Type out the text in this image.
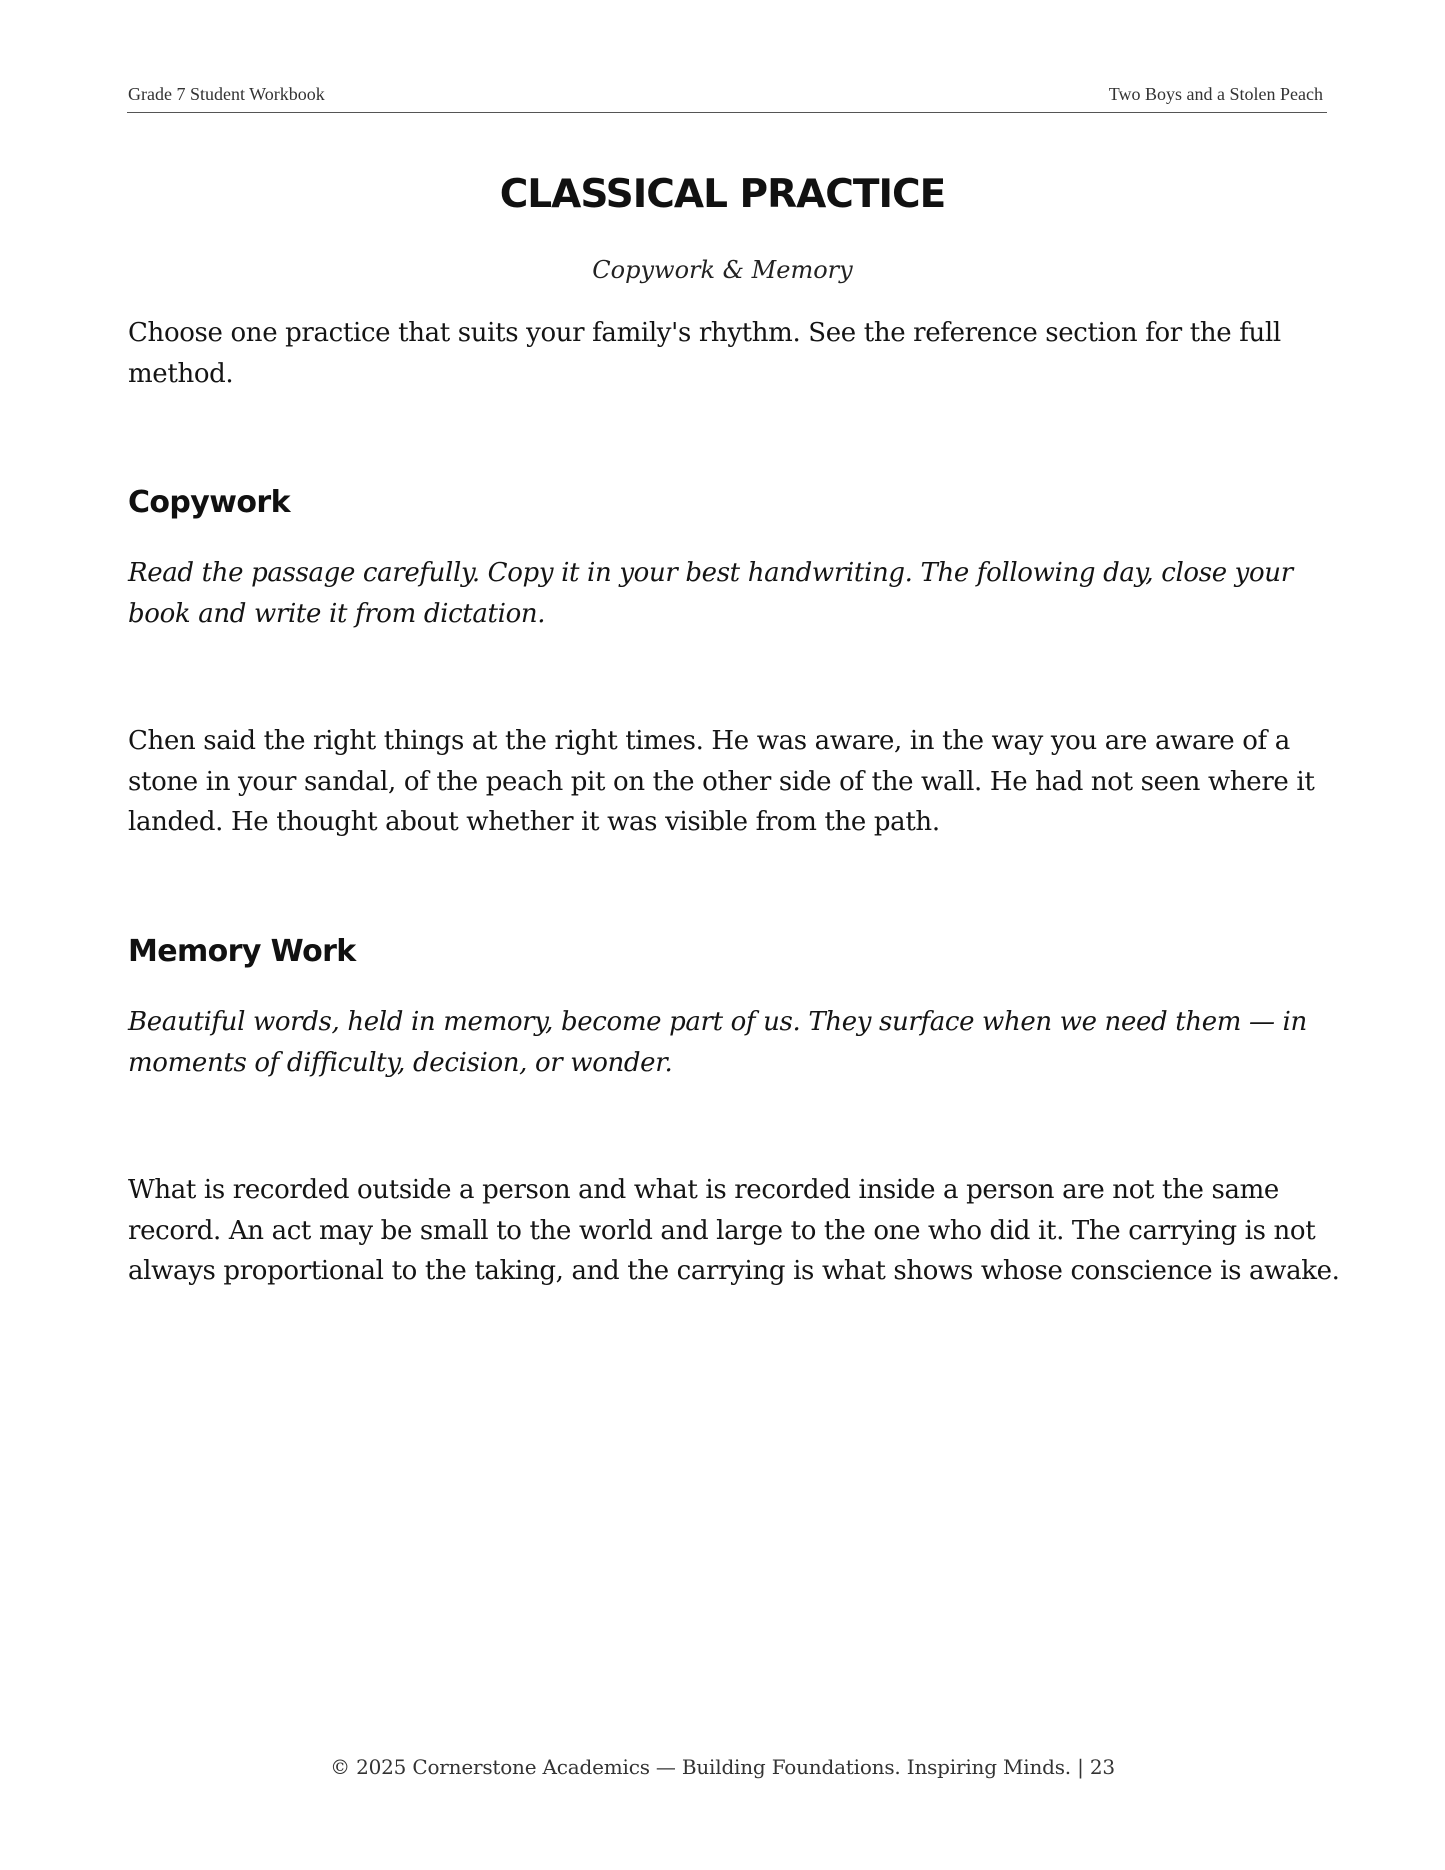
Grade 7 Student Workbook	Two Boys and a Stolen Peach
CLASSICAL PRACTICE

Copywork & Memory

Choose one practice that suits your family's rhythm. See the reference section for the full method.

Copywork

Read the passage carefully. Copy it in your best handwriting. The following day, close your book and write it from dictation.

Chen said the right things at the right times. He was aware, in the way you are aware of a stone in your sandal, of the peach pit on the other side of the wall. He had not seen where it landed. He thought about whether it was visible from the path.

Memory Work

Beautiful words, held in memory, become part of us. They surface when we need them — in moments of difficulty, decision, or wonder.

What is recorded outside a person and what is recorded inside a person are not the same record. An act may be small to the world and large to the one who did it. The carrying is not always proportional to the taking, and the carrying is what shows whose conscience is awake.

© 2025 Cornerstone Academics — Building Foundations. Inspiring Minds. | 23
